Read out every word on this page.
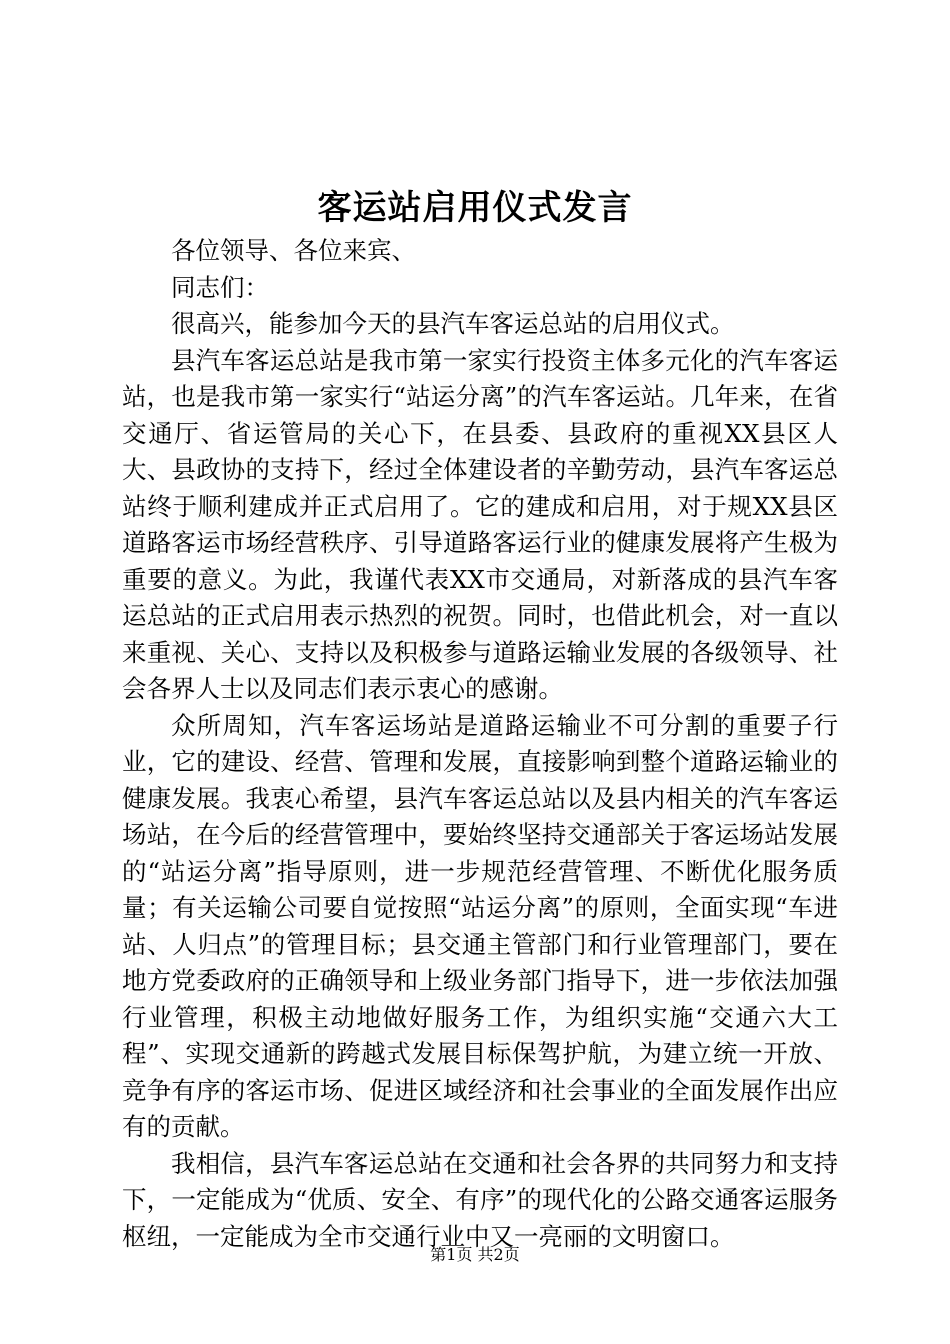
客运站启用仪式发言

各位领导、各位来宾、

同志们：

很高兴，能参加今天的县汽车客运总站的启用仪式。

县汽车客运总站是我市第一家实行投资主体多元化的汽车客运站，也是我市第一家实行“站运分离”的汽车客运站。几年来，在省交通厅、省运管局的关心下，在县委、县政府的重视XX县区人大、县政协的支持下，经过全体建设者的辛勤劳动，县汽车客运总站终于顺利建成并正式启用了。它的建成和启用，对于规XX县区道路客运市场经营秩序、引导道路客运行业的健康发展将产生极为重要的意义。为此，我谨代表XX市交通局，对新落成的县汽车客运总站的正式启用表示热烈的祝贺。同时，也借此机会，对一直以来重视、关心、支持以及积极参与道路运输业发展的各级领导、社会各界人士以及同志们表示衷心的感谢。

众所周知，汽车客运场站是道路运输业不可分割的重要子行业，它的建设、经营、管理和发展，直接影响到整个道路运输业的健康发展。我衷心希望，县汽车客运总站以及县内相关的汽车客运场站，在今后的经营管理中，要始终坚持交通部关于客运场站发展的“站运分离”指导原则，进一步规范经营管理、不断优化服务质量；有关运输公司要自觉按照“站运分离”的原则，全面实现“车进站、人归点”的管理目标；县交通主管部门和行业管理部门，要在地方党委政府的正确领导和上级业务部门指导下，进一步依法加强行业管理，积极主动地做好服务工作，为组织实施“交通六大工程”、实现交通新的跨越式发展目标保驾护航，为建立统一开放、竞争有序的客运市场、促进区域经济和社会事业的全面发展作出应有的贡献。

我相信，县汽车客运总站在交通和社会各界的共同努力和支持下，一定能成为“优质、安全、有序”的现代化的公路交通客运服务枢纽，一定能成为全市交通行业中又一亮丽的文明窗口。

第1页 共2页
